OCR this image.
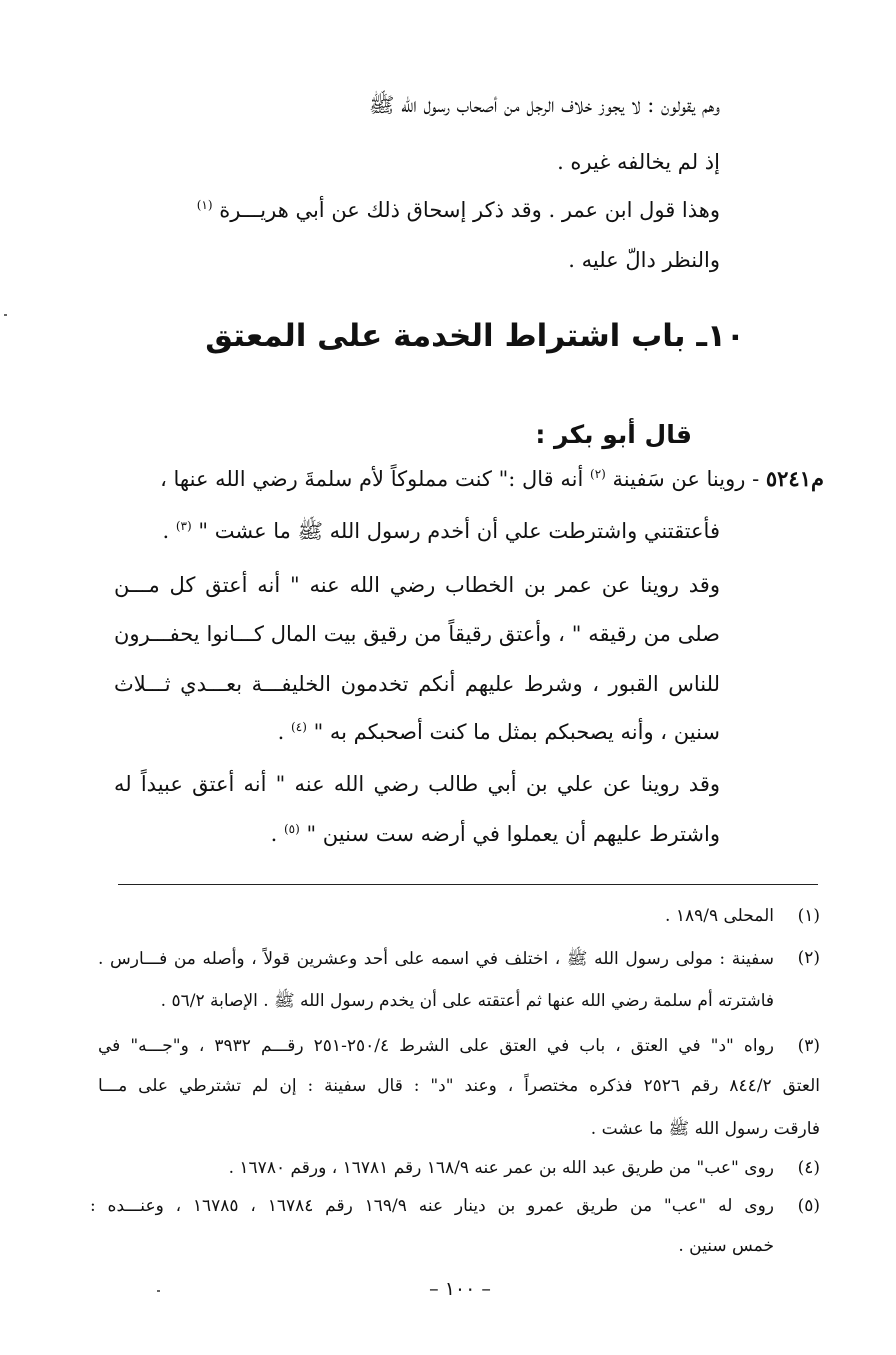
وهم يقولون : لا يجوز خلاف الرجل من أصحاب رسول الله ﷺ
إذ لم يخالفه غيره .
وهذا قول ابن عمر . وقد ذكر إسحاق ذلك عن أبي هريـــرة $^{(١)}$
والنظر دالّ عليه .
١٠ـ باب اشتراط الخدمة على المعتق
قال أبو بكر :
م٥٢٤١ - روينا عن سَفينة $^{(٢)}$ أنه قال :" كنت مملوكاً لأم سلمةَ رضي الله عنها ،
فأعتقتني واشترطت علي أن أخدم رسول الله ﷺ ما عشت " $^{(٣)}$ .
وقد روينا عن عمر بن الخطاب رضي الله عنه " أنه أعتق كل مـــن
صلى من رقيقه " ، وأعتق رقيقاً من رقيق بيت المال كـــانوا يحفـــرون
للناس القبور ، وشرط عليهم أنكم تخدمون الخليفـــة بعـــدي ثـــلاث
سنين ، وأنه يصحبكم بمثل ما كنت أصحبكم به " $^{(٤)}$ .
وقد روينا عن علي بن أبي طالب رضي الله عنه " أنه أعتق عبيداً له
واشترط عليهم أن يعملوا في أرضه ست سنين " $^{(٥)}$ .
(١)
المحلى ١٨٩/٩ .
(٢)
سفينة : مولى رسول الله ﷺ ، اختلف في اسمه على أحد وعشرين قولاً ، وأصله من فـــارس .
فاشترته أم سلمة رضي الله عنها ثم أعتقته على أن يخدم رسول الله ﷺ . الإصابة ٥٦/٢ .
(٣)
رواه "د" في العتق ، باب في العتق على الشرط ٢٥٠/٤-٢٥١ رقـــم ٣٩٣٢ ، و"جـــه" في
العتق ٨٤٤/٢ رقم ٢٥٢٦ فذكره مختصراً ، وعند "د" : قال سفينة : إن لم تشترطي على مـــا
فارقت رسول الله ﷺ ما عشت .
(٤)
روى "عب" من طريق عبد الله بن عمر عنه ١٦٨/٩ رقم ١٦٧٨١ ، ورقم ١٦٧٨٠ .
(٥)
روى له "عب" من طريق عمرو بن دينار عنه ١٦٩/٩ رقم ١٦٧٨٤ ، ١٦٧٨٥ ، وعنـــده :
خمس سنين .
– ١٠٠ –
